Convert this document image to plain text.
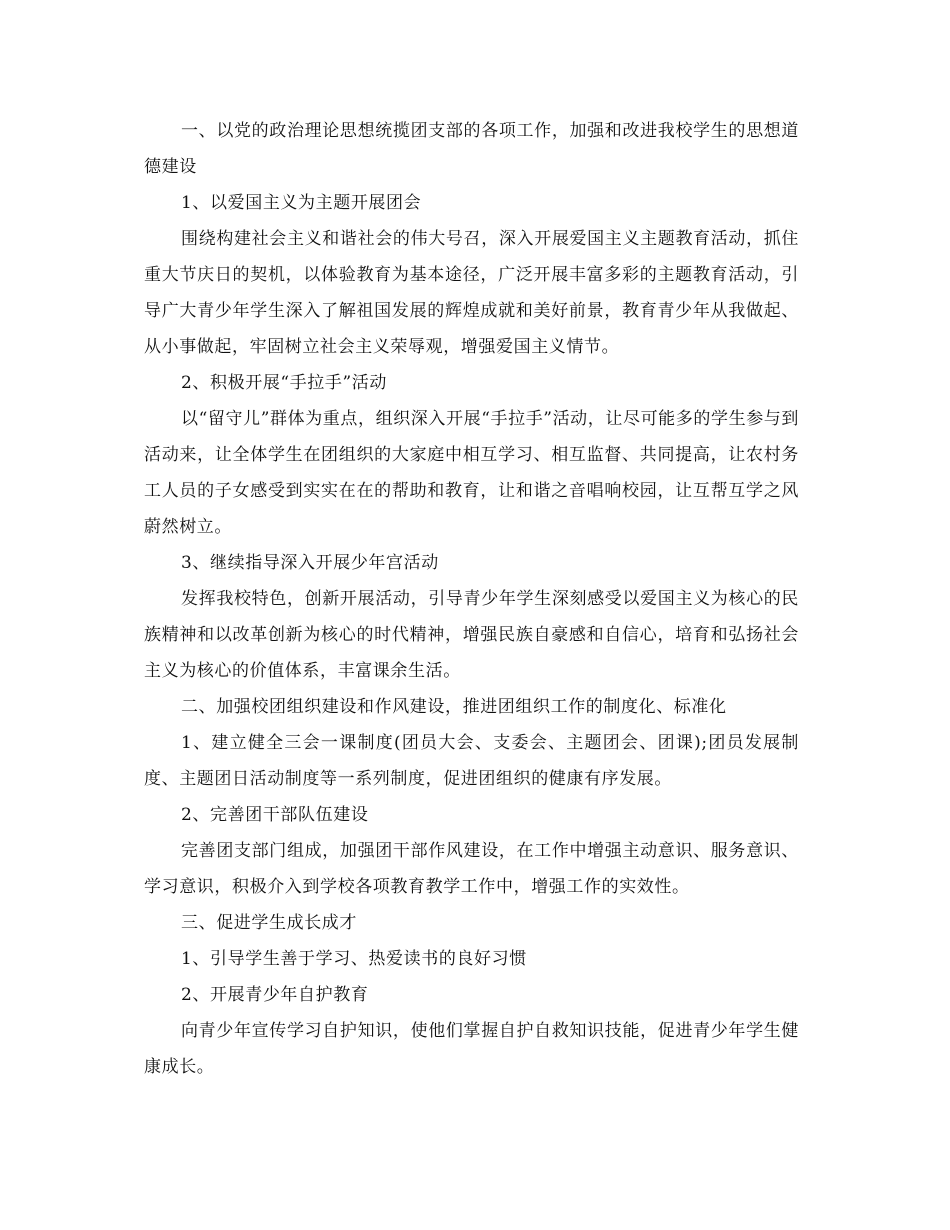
一、以党的政治理论思想统揽团支部的各项工作，加强和改进我校学生的思想道德建设

1、以爱国主义为主题开展团会

围绕构建社会主义和谐社会的伟大号召，深入开展爱国主义主题教育活动，抓住重大节庆日的契机，以体验教育为基本途径，广泛开展丰富多彩的主题教育活动，引导广大青少年学生深入了解祖国发展的辉煌成就和美好前景，教育青少年从我做起、从小事做起，牢固树立社会主义荣辱观，增强爱国主义情节。

2、积极开展“手拉手”活动

以“留守儿”群体为重点，组织深入开展“手拉手”活动，让尽可能多的学生参与到活动来，让全体学生在团组织的大家庭中相互学习、相互监督、共同提高，让农村务工人员的子女感受到实实在在的帮助和教育，让和谐之音唱响校园，让互帮互学之风蔚然树立。

3、继续指导深入开展少年宫活动

发挥我校特色，创新开展活动，引导青少年学生深刻感受以爱国主义为核心的民族精神和以改革创新为核心的时代精神，增强民族自豪感和自信心，培育和弘扬社会主义为核心的价值体系，丰富课余生活。

二、加强校团组织建设和作风建设，推进团组织工作的制度化、标准化

1、建立健全三会一课制度(团员大会、支委会、主题团会、团课);团员发展制度、主题团日活动制度等一系列制度，促进团组织的健康有序发展。

2、完善团干部队伍建设

完善团支部门组成，加强团干部作风建设，在工作中增强主动意识、服务意识、学习意识，积极介入到学校各项教育教学工作中，增强工作的实效性。

三、促进学生成长成才

1、引导学生善于学习、热爱读书的良好习惯

2、开展青少年自护教育

向青少年宣传学习自护知识，使他们掌握自护自救知识技能，促进青少年学生健康成长。
